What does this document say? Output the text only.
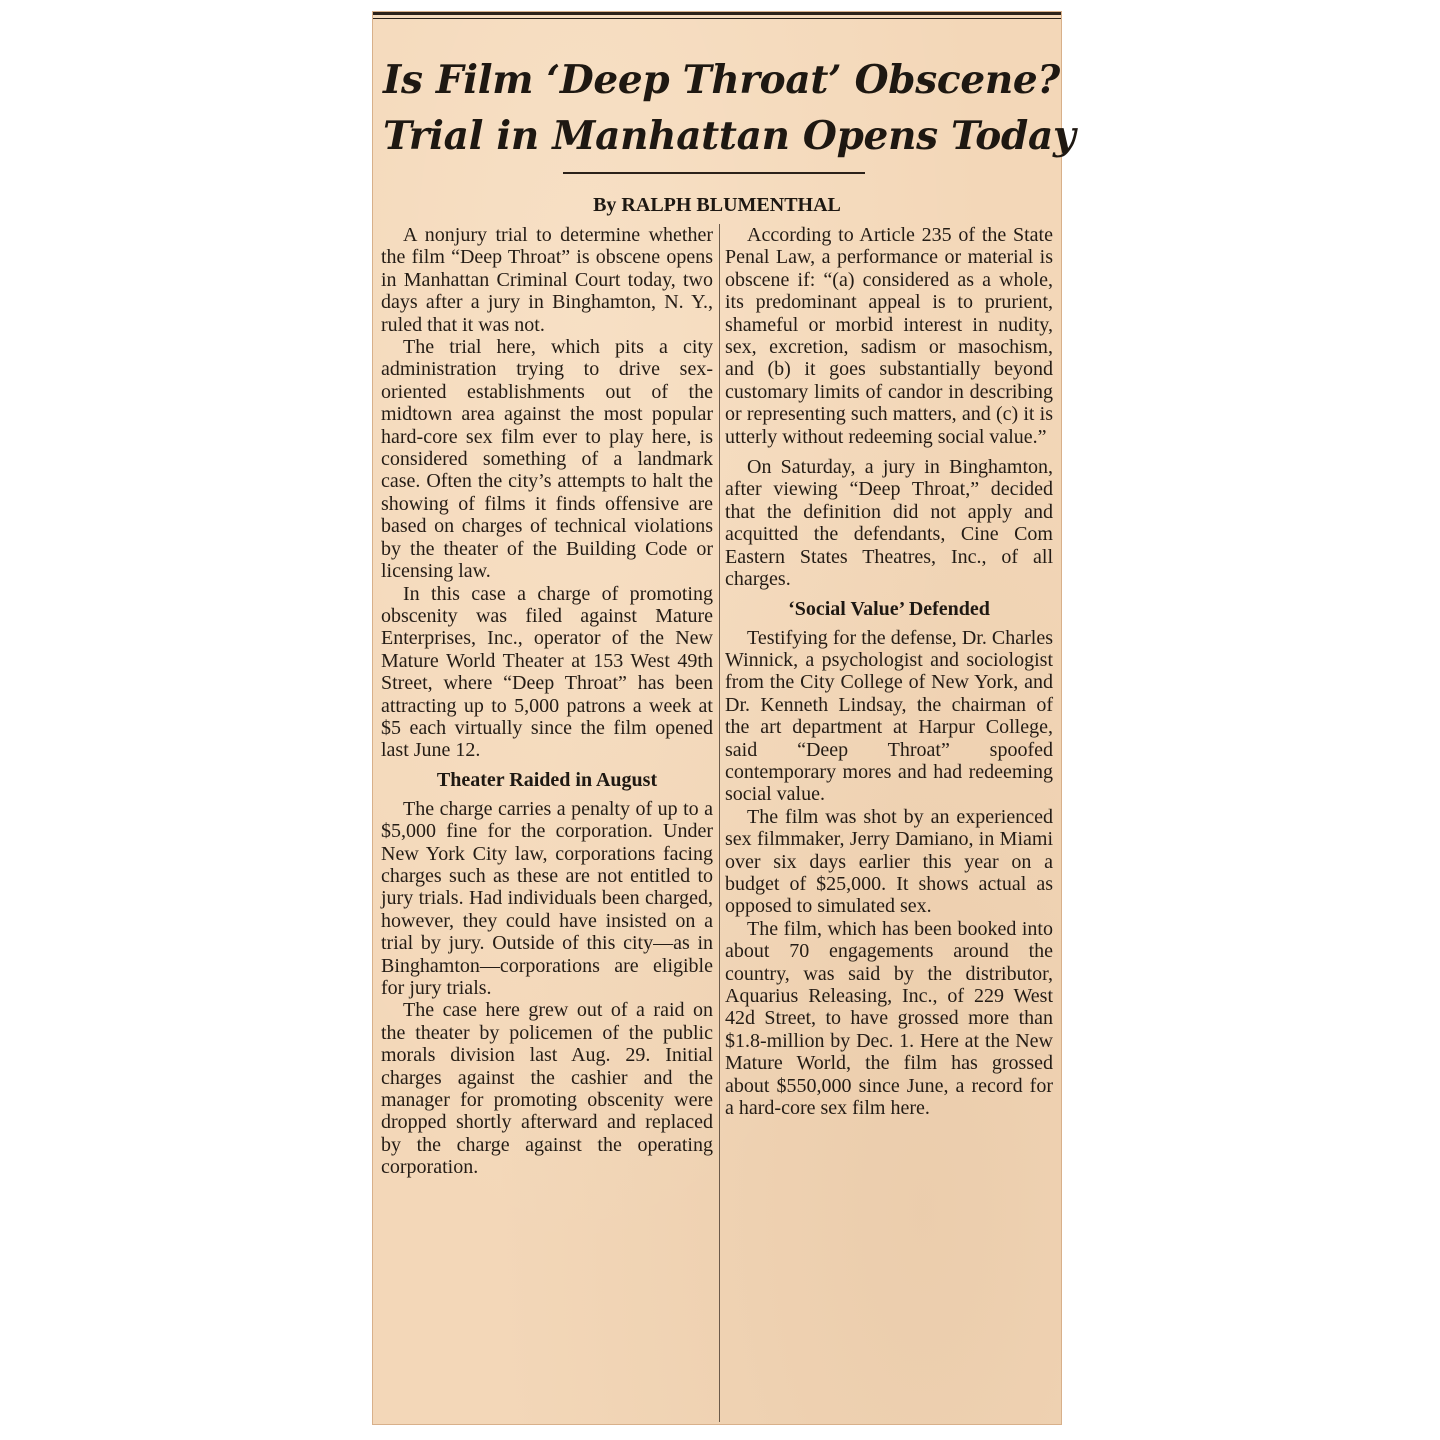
Is Film ‘Deep Throat’ Obscene?
Trial in Manhattan Opens Today
By RALPH BLUMENTHAL

A nonjury trial to determine whether the film “Deep Throat” is obscene opens in Manhattan Criminal Court today, two days after a jury in Binghamton, N. Y., ruled that it was not.

The trial here, which pits a city administration trying to drive sex-oriented establishments out of the midtown area against the most popular hard-core sex film ever to play here, is considered something of a landmark case. Often the city’s attempts to halt the showing of films it finds offensive are based on charges of technical violations by the theater of the Building Code or licensing law.

In this case a charge of promoting obscenity was filed against Mature Enterprises, Inc., operator of the New Mature World Theater at 153 West 49th Street, where “Deep Throat” has been attracting up to 5,000 patrons a week at $5 each virtually since the film opened last June 12.

Theater Raided in August

The charge carries a penalty of up to a $5,000 fine for the corporation. Under New York City law, corporations facing charges such as these are not entitled to jury trials. Had individuals been charged, however, they could have insisted on a trial by jury. Outside of this city—as in Binghamton—corporations are eligible for jury trials.

The case here grew out of a raid on the theater by policemen of the public morals division last Aug. 29. Initial charges against the cashier and the manager for promoting obscenity were dropped shortly afterward and replaced by the charge against the operating corporation.

According to Article 235 of the State Penal Law, a performance or material is obscene if: “(a) considered as a whole, its predominant appeal is to prurient, shameful or morbid interest in nudity, sex, excretion, sadism or masochism, and (b) it goes substantially beyond customary limits of candor in describing or representing such matters, and (c) it is utterly without redeeming social value.”

On Saturday, a jury in Binghamton, after viewing “Deep Throat,” decided that the definition did not apply and acquitted the defendants, Cine Com Eastern States Theatres, Inc., of all charges.

‘Social Value’ Defended

Testifying for the defense, Dr. Charles Winnick, a psychologist and sociologist from the City College of New York, and Dr. Kenneth Lindsay, the chairman of the art department at Harpur College, said “Deep Throat” spoofed contemporary mores and had redeeming social value.

The film was shot by an experienced sex filmmaker, Jerry Damiano, in Miami over six days earlier this year on a budget of $25,000. It shows actual as opposed to simulated sex.

The film, which has been booked into about 70 engagements around the country, was said by the distributor, Aquarius Releasing, Inc., of 229 West 42d Street, to have grossed more than $1.8-million by Dec. 1. Here at the New Mature World, the film has grossed about $550,000 since June, a record for a hard-core sex film here.
